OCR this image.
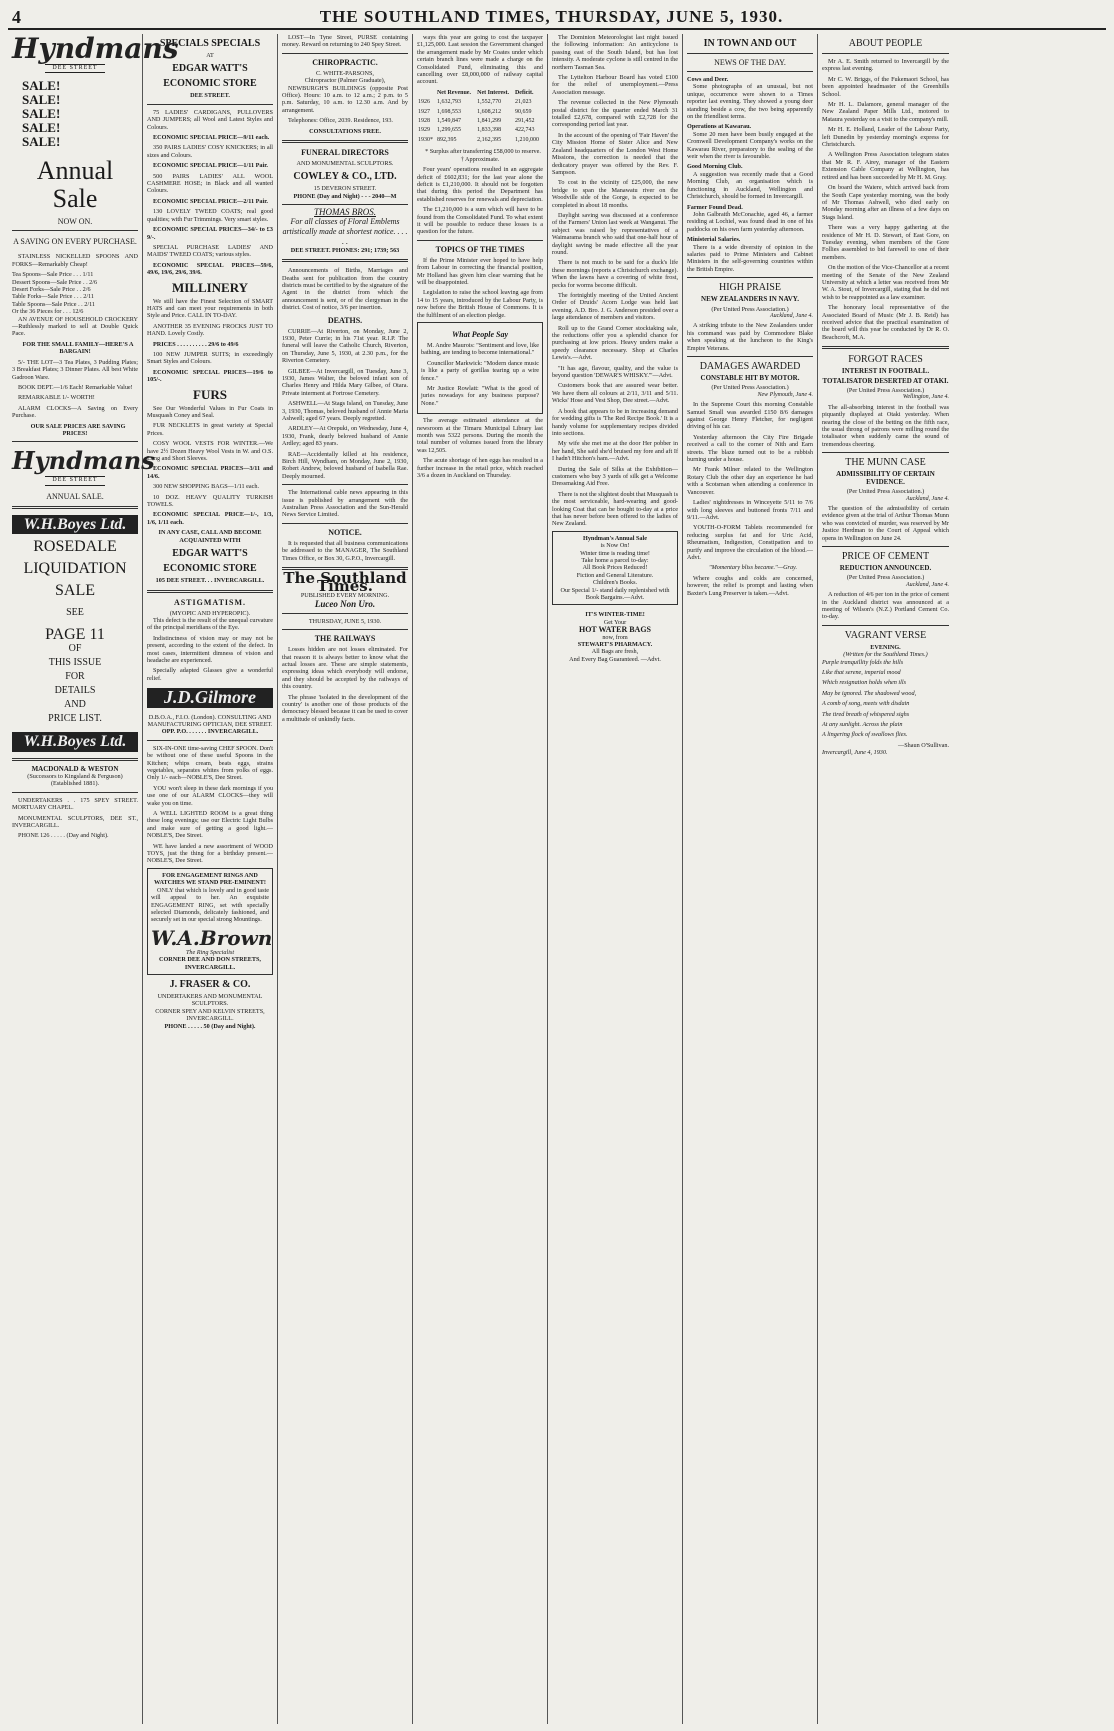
4	THE SOUTHLAND TIMES, THURSDAY, JUNE 5, 1930.
Hyndmans
DEE STREET
SALE!
SALE!
SALE!
SALE!
SALE!
Annual Sale
NOW ON.
A SAVING ON EVERY PURCHASE.

STAINLESS NICKELLED SPOONS AND FORKS—Remarkably Cheap!

Tea Spoons—Sale Price . . . 1/11
Dessert Spoons—Sale Price . . 2/6
Desert Forks—Sale Price . . 2/6
Table Forks—Sale Price . . . 2/11
Table Spoons—Sale Price . . 2/11
Or the 36 Pieces for . . . 12/6

AN AVENUE OF HOUSEHOLD CROCKERY—Ruthlessly marked to sell at Double Quick Pace.

FOR THE SMALL FAMILY—HERE'S A BARGAIN!

5/- THE LOT—3 Tea Plates, 3 Pudding Plates; 3 Breakfast Plates; 3 Dinner Plates. All best White Gadroon Ware.

BOOK DEPT.—1/6 Each! Remarkable Value!

REMARKABLE 1/- WORTH!

ALARM CLOCKS—A Saving on Every Purchase.

OUR SALE PRICES ARE SAVING PRICES!

Hyndmans
DEE STREET
ANNUAL SALE.
W.H.Boyes Ltd.
ROSEDALE
LIQUIDATION
SALE
SEE
PAGE 11
OF
THIS ISSUE
FOR
DETAILS
AND
PRICE LIST.
W.H.Boyes Ltd.
MACDONALD & WESTON
(Successors to Kingsland & Ferguson) (Established 1881).

UNDERTAKERS . . 175 SPEY STREET. MORTUARY CHAPEL.

MONUMENTAL SCULPTORS, DEE ST., INVERCARGILL.

PHONE 126 . . . . . (Day and Night).

SPECIALS SPECIALS
AT
EDGAR WATT'S
ECONOMIC STORE
DEE STREET.

75 LADIES' CARDIGANS, PULLOVERS AND JUMPERS; all Wool and Latest Styles and Colours.

ECONOMIC SPECIAL PRICE—9/11 each.

350 PAIRS LADIES' COSY KNICKERS; in all sizes and Colours.

ECONOMIC SPECIAL PRICE—1/11 Pair.

500 PAIRS LADIES' ALL WOOL CASHMERE HOSE; in Black and all wanted Colours.

ECONOMIC SPECIAL PRICE—2/11 Pair.

130 LOVELY TWEED COATS; real good qualities; with Fur Trimmings. Very smart styles.

ECONOMIC SPECIAL PRICES—34/- to £3 9/-.

SPECIAL PURCHASE LADIES' AND MAIDS' TWEED COATS; various styles.

ECONOMIC SPECIAL PRICES—59/6, 49/6, 19/6, 29/6, 39/6.

MILLINERY

We still have the Finest Selection of SMART HATS and can meet your requirements in both Style and Price. CALL IN TO-DAY.

ANOTHER 35 EVENING FROCKS JUST TO HAND. Lovely Costly.

PRICES . . . . . . . . . . 29/6 to 49/6

100 NEW JUMPER SUITS; in exceedingly Smart Styles and Colours.

ECONOMIC SPECIAL PRICES—19/6 to 105/-.

FURS

See Our Wonderful Values in Fur Coats in Musquash Coney and Seal.

FUR NECKLETS in great variety at Special Prices.

COSY WOOL VESTS FOR WINTER.—We have 2½ Dozen Heavy Wool Vests in W. and O.S. Long and Short Sleeves.

ECONOMIC SPECIAL PRICES—3/11 and 14/6.

300 NEW SHOPPING BAGS—1/11 each.

10 DOZ. HEAVY QUALITY TURKISH TOWELS.

ECONOMIC SPECIAL PRICE—1/-, 1/3, 1/6, 1/11 each.

IN ANY CASE, CALL AND BECOME ACQUAINTED WITH
EDGAR WATT'S
ECONOMIC STORE
105 DEE STREET. . . INVERCARGILL.
ASTIGMATISM.
(MYOPIC AND HYPEROPIC).

This defect is the result of the unequal curvature of the principal meridians of the Eye.

Indistinctness of vision may or may not be present, according to the extent of the defect. In most cases, intermittent dimness of vision and headache are experienced.

Specially adapted Glasses give a wonderful relief.

J.D.Gilmore
D.B.O.A., F.I.O. (London). CONSULTING AND MANUFACTURING OPTICIAN, DEE STREET.
OPP. P.O. . . . . . . INVERCARGILL.

SIX-IN-ONE time-saving CHEF SPOON. Don't be without one of these useful Spoons in the Kitchen; whips cream, beats eggs, strains vegetables, separates whites from yolks of eggs. Only 1/- each—NOBLE'S, Dee Street.

YOU won't sleep in these dark mornings if you use one of our ALARM CLOCKS—they will wake you on time.

A WELL LIGHTED ROOM is a great thing these long evenings; use our Electric Light Bulbs and make sure of getting a good light.—NOBLE'S, Dee Street.

WE have landed a new assortment of WOOD TOYS, just the thing for a birthday present.—NOBLE'S, Dee Street.

FOR ENGAGEMENT RINGS AND WATCHES WE STAND PRE-EMINENT!

ONLY that which is lovely and in good taste will appeal to her. An exquisite ENGAGEMENT RING, set with specially selected Diamonds, delicately fashioned, and securely set in our special strong Mountings.

W.A.Brown
The Ring Specialist
CORNER DEE AND DON STREETS, INVERCARGILL.
J. FRASER & CO.
UNDERTAKERS AND MONUMENTAL SCULPTORS.
CORNER SPEY AND KELVIN STREETS, INVERCARGILL.
PHONE . . . . . 50 (Day and Night).

LOST—In Tyne Street, PURSE containing money. Reward on returning to 240 Spey Street.

CHIROPRACTIC.
C. WHITE-PARSONS,
Chiropractor (Palmer Graduate),

NEWBURGH'S BUILDINGS (opposite Post Office). Hours: 10 a.m. to 12 a.m.; 2 p.m. to 5 p.m. Saturday, 10 a.m. to 12.30 a.m. And by arrangement.

Telephones: Office, 2039. Residence, 193.

CONSULTATIONS FREE.
FUNERAL DIRECTORS
AND MONUMENTAL SCULPTORS.
COWLEY & CO., LTD.
15 DEVERON STREET.
PHONE (Day and Night) - - - 2040—M
THOMAS BROS.
For all classes of Floral Emblems artistically made at shortest notice. . . . . .
DEE STREET. PHONES: 291; 1739; 563

Announcements of Births, Marriages and Deaths sent for publication from the country districts must be certified to by the signature of the Agent in the district from which the announcement is sent, or of the clergyman in the district. Cost of notice, 3/6 per insertion.

DEATHS.

CURRIE—At Riverton, on Monday, June 2, 1930, Peter Currie; in his 71st year. R.I.P. The funeral will leave the Catholic Church, Riverton, on Thursday, June 5, 1930, at 2.30 p.m., for the Riverton Cemetery.

GILBEE—At Invercargill, on Tuesday, June 3, 1930, James Walter, the beloved infant son of Charles Henry and Hilda Mary Gilbee, of Otara. Private interment at Fortrose Cemetery.

ASHWELL—At Stags Island, on Tuesday, June 3, 1930, Thomas, beloved husband of Annie Maria Ashwell; aged 67 years. Deeply regretted.

ARDLEY—At Orepuki, on Wednesday, June 4, 1930, Frank, dearly beloved husband of Annie Ardley; aged 83 years.

RAE—Accidentally killed at his residence, Birch Hill, Wyndham, on Monday, June 2, 1930, Robert Andrew, beloved husband of Isabella Rae. Deeply mourned.

The International cable news appearing in this issue is published by arrangement with the Australian Press Association and the Sun-Herald News Service Limited.

NOTICE.

It is requested that all business communications be addressed to the MANAGER, The Southland Times Office, or Box 30, G.P.O., Invercargill.

The Southland Times.
PUBLISHED EVERY MORNING.
Luceo Non Uro.
THURSDAY, JUNE 5, 1930.
THE RAILWAYS

Losses hidden are not losses eliminated. For that reason it is always better to know what the actual losses are. These are simple statements, expressing ideas which everybody will endorse, and they should be accepted by the railways of this country.

The phrase 'isolated in the development of the country' is another one of those products of the democracy blessed because it can be used to cover a multitude of unkindly facts.

ways this year are going to cost the taxpayer £1,125,000. Last session the Government changed the arrangement made by Mr Coates under which certain branch lines were made a charge on the Consolidated Fund, eliminating this and cancelling over £8,000,000 of railway capital account.

	Net Revenue.	Net Interest.	Deficit.
1926	1,632,793	1,552,770	21,023
1927	1,698,553	1,608,212	90,659
1928	1,549,847	1,841,299	291,452
1929	1,299,655	1,833,398	422,743
1930*	892,395	2,162,395	1,210,000

* Surplus after transferring £58,000 to reserve. † Approximate.

Four years' operations resulted in an aggregate deficit of £602,831; for the last year alone the deficit is £1,210,000. It should not be forgotten that during this period the Department has established reserves for renewals and depreciation.

The £1,210,000 is a sum which will have to be found from the Consolidated Fund. To what extent it will be possible to reduce these losses is a question for the future.

TOPICS OF THE TIMES

If the Prime Minister ever hoped to have help from Labour in correcting the financial position, Mr Holland has given him clear warning that he will be disappointed.

Legislation to raise the school leaving age from 14 to 15 years, introduced by the Labour Party, is now before the British House of Commons. It is the fulfilment of an election pledge.

What People Say

M. Andre Maurois: "Sentiment and love, like bathing, are tending to become international."

Councillor Markwick: "Modern dance music is like a party of gorillas tearing up a wire fence."

Mr Justice Rowlatt: "What is the good of juries nowadays for any business purpose? None."

The average estimated attendance at the newsroom at the Timaru Municipal Library last month was 5322 persons. During the month the total number of volumes issued from the library was 12,505.

The acute shortage of hen eggs has resulted in a further increase in the retail price, which reached 3/6 a dozen in Auckland on Thursday.

The Dominion Meteorologist last night issued the following information: An anticyclone is passing east of the South Island, but has lost intensity. A moderate cyclone is still centred in the northern Tasman Sea.

The Lyttelton Harbour Board has voted £100 for the relief of unemployment.—Press Association message.

The revenue collected in the New Plymouth postal district for the quarter ended March 31 totalled £2,678, compared with £2,728 for the corresponding period last year.

In the account of the opening of 'Fair Haven' the City Mission Home of Sister Alice and New Zealand headquarters of the London West Home Missions, the correction is needed that the dedicatory prayer was offered by the Rev. F. Sampson.

To cost in the vicinity of £25,000, the new bridge to span the Manawatu river on the Woodville side of the Gorge, is expected to be completed in about 18 months.

Daylight saving was discussed at a conference of the Farmers' Union last week at Wanganui. The subject was raised by representatives of a Waimarama branch who said that one-half hour of daylight saving be made effective all the year round.

There is not much to be said for a duck's life these mornings (reports a Christchurch exchange). When the lawns have a covering of white frost, pecks for worms become difficult.

The fortnightly meeting of the United Ancient Order of Druids' Acorn Lodge was held last evening. A.D. Bro. J. G. Anderson presided over a large attendance of members and visitors.

Roll up to the Grand Corner stocktaking sale, the reductions offer you a splendid chance for purchasing at low prices. Heavy unders make a speedy clearance necessary. Shop at Charles Lewis's.—Advt.

"It has age, flavour, quality, and the value is beyond question 'DEWAR'S WHISKY.'"—Advt.

Customers book that are assured wear better. We have them all colours at 2/11, 3/11 and 5/11. Wicks' Hose and Vest Shop, Dee street.—Advt.

A book that appears to be in increasing demand for wedding gifts is 'The Red Recipe Book.' It is a handy volume for supplementary recipes divided into sections.

My wife she met me at the door Her pobber in her hand, She said she'd bruised my fore and aft If I hadn't Hitchon's ham.—Advt.

During the Sale of Silks at the Exhibition—customers who buy 3 yards of silk get a Welcome Dressmaking Aid Free.

There is not the slightest doubt that Musquash is the most serviceable, hard-wearing and good-looking Coat that can be bought to-day at a price that has never before been offered to the ladies of New Zealand.

Hyndman's Annual Sale
is Now On!
Winter time is reading time!
Take home a parcel to-day:
All Book Prices Reduced!
Fiction and General Literature.
Children's Books.
Our Special 1/- stand daily replenished with Book Bargains.—Advt.
IT'S WINTER-TIME!
Get Your
HOT WATER BAGS
now, from
STEWART'S PHARMACY.
All Bags are fresh,
And Every Bag Guaranteed. —Advt.
IN TOWN AND OUT
NEWS OF THE DAY.
Cows and Deer.

Some photographs of an unusual, but not unique, occurrence were shown to a Times reporter last evening. They showed a young deer standing beside a cow, the two being apparently on the friendliest terms.

Operations at Kawarau.

Some 20 men have been busily engaged at the Cromwell Development Company's works on the Kawarau River, preparatory to the sealing of the weir when the river is favourable.

Good Morning Club.

A suggestion was recently made that a Good Morning Club, an organisation which is functioning in Auckland, Wellington and Christchurch, should be formed in Invercargill.

Farmer Found Dead.

John Galbraith McConachie, aged 46, a farmer residing at Lochiel, was found dead in one of his paddocks on his own farm yesterday afternoon.

Ministerial Salaries.

There is a wide diversity of opinion in the salaries paid to Prime Ministers and Cabinet Ministers in the self-governing countries within the British Empire.

HIGH PRAISE
NEW ZEALANDERS IN NAVY.
(Per United Press Association.)
Auckland, June 4.

A striking tribute to the New Zealanders under his command was paid by Commodore Blake when speaking at the luncheon to the King's Empire Veterans.

DAMAGES AWARDED
CONSTABLE HIT BY MOTOR.
(Per United Press Association.)
New Plymouth, June 4.

In the Supreme Court this morning Constable Samuel Small was awarded £150 8/6 damages against George Henry Fletcher, for negligent driving of his car.

Yesterday afternoon the City Fire Brigade received a call to the corner of Nith and Earn streets. The blaze turned out to be a rubbish burning under a house.

Mr Frank Milner related to the Wellington Rotary Club the other day an experience he had with a Scotsman when attending a conference in Vancouver.

Ladies' nightdresses in Winceyette 5/11 to 7/6 with long sleeves and buttoned fronts 7/11 and 9/11.—Advt.

YOUTH-O-FORM Tablets recommended for reducing surplus fat and for Uric Acid, Rheumatism, Indigestion, Constipation and to purify and improve the circulation of the blood.—Advt.

"Momentary bliss became."—Gray.

Where coughs and colds are concerned, however, the relief is prompt and lasting when Baxter's Lung Preserver is taken.—Advt.

ABOUT PEOPLE

Mr A. E. Smith returned to Invercargill by the express last evening.

Mr C. W. Briggs, of the Fukemaori School, has been appointed headmaster of the Greenhills School.

Mr H. L. Dalamore, general manager of the New Zealand Paper Mills Ltd., motored to Mataura yesterday on a visit to the company's mill.

Mr H. E. Holland, Leader of the Labour Party, left Dunedin by yesterday morning's express for Christchurch.

A Wellington Press Association telegram states that Mr R. F. Airey, manager of the Eastern Extension Cable Company at Wellington, has retired and has been succeeded by Mr H. M. Gray.

On board the Waiere, which arrived back from the South Cape yesterday morning, was the body of Mr Thomas Ashwell, who died early on Monday morning after an illness of a few days on Stags Island.

There was a very happy gathering at the residence of Mr H. D. Stewart, of East Gore, on Tuesday evening, when members of the Gore Follies assembled to bid farewell to one of their members.

On the motion of the Vice-Chancellor at a recent meeting of the Senate of the New Zealand University at which a letter was received from Mr W. A. Stout, of Invercargill, stating that he did not wish to be reappointed as a law examiner.

The honorary local representative of the Associated Board of Music (Mr J. B. Reid) has received advice that the practical examination of the board will this year be conducted by Dr R. O. Beachcroft, M.A.

FORGOT RACES
INTEREST IN FOOTBALL.
TOTALISATOR DESERTED AT OTAKI.
(Per United Press Association.)
Wellington, June 4.

The all-absorbing interest in the football was piquantly displayed at Otaki yesterday. When nearing the close of the betting on the fifth race, the usual throng of patrons were milling round the totalisator when suddenly came the sound of tremendous cheering.

THE MUNN CASE
ADMISSIBILITY OF CERTAIN EVIDENCE.
(Per United Press Association.)
Auckland, June 4.

The question of the admissibility of certain evidence given at the trial of Arthur Thomas Munn who was convicted of murder, was reserved by Mr Justice Herdman to the Court of Appeal which opens in Wellington on June 24.

PRICE OF CEMENT
REDUCTION ANNOUNCED.
(Per United Press Association.)
Auckland, June 4.

A reduction of 4/6 per ton in the price of cement in the Auckland district was announced at a meeting of Wilson's (N.Z.) Portland Cement Co. to-day.

VAGRANT VERSE
EVENING.
(Written for the Southland Times.)

Purple tranquillity folds the hills

Like that serene, imperial mood

Which resignation holds when ills

May be ignored. The shadowed wood,

A comb of song, meets with disdain

The tired breath of whispered sighs

At any sunlight. Across the plain

A lingering flock of swallows flies.

—Shaun O'Sullivan.
Invercargill, June 4, 1930.
